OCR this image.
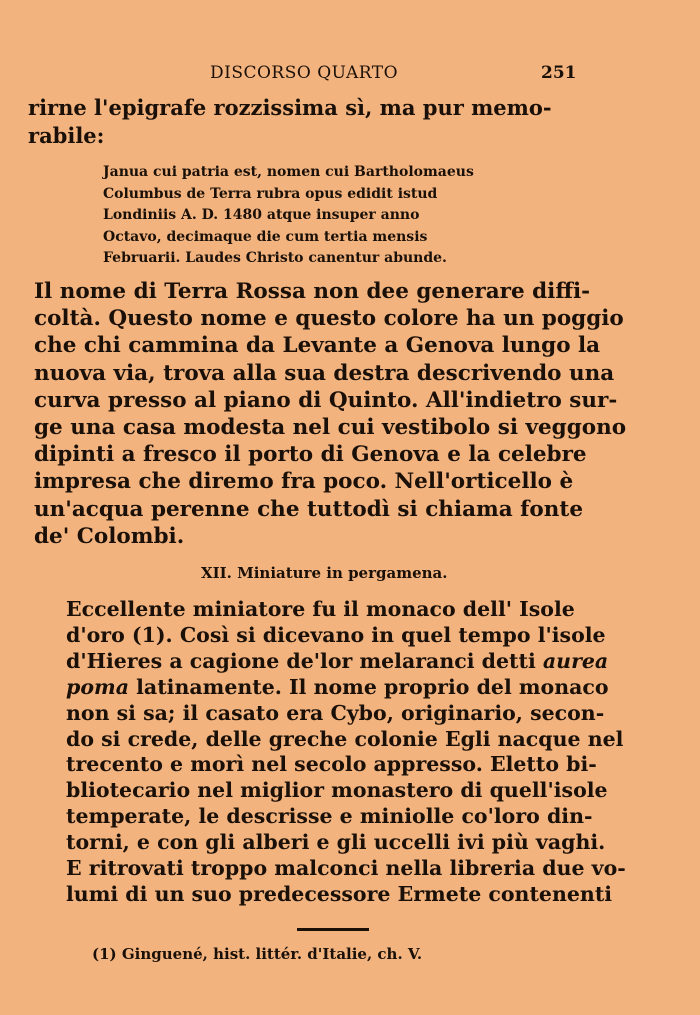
DISCORSO QUARTO	251

rirne l'epigrafe rozzissima sì, ma pur memo-
rabile:

Janua cui patria est, nomen cui Bartholomaeus
Columbus de Terra rubra opus edidit istud
Londiniis A. D. 1480 atque insuper anno
Octavo, decimaque die cum tertia mensis
Februarii. Laudes Christo canentur abunde.

Il nome di Terra Rossa non dee generare diffi-
coltà. Questo nome e questo colore ha un poggio
che chi cammina da Levante a Genova lungo la
nuova via, trova alla sua destra descrivendo una
curva presso al piano di Quinto. All'indietro sur-
ge una casa modesta nel cui vestibolo si veggono
dipinti a fresco il porto di Genova e la celebre
impresa che diremo fra poco. Nell'orticello è
un'acqua perenne che tuttodì si chiama fonte
de' Colombi.

XII. Miniature in pergamena.

Eccellente miniatore fu il monaco dell' Isole
d'oro (1). Così si dicevano in quel tempo l'isole
d'Hieres a cagione de'lor melaranci detti aurea
poma latinamente. Il nome proprio del monaco
non si sa; il casato era Cybo, originario, secon-
do si crede, delle greche colonie Egli nacque nel
trecento e morì nel secolo appresso. Eletto bi-
bliotecario nel miglior monastero di quell'isole
temperate, le descrisse e miniolle co'loro din-
torni, e con gli alberi e gli uccelli ivi più vaghi.
E ritrovati troppo malconci nella libreria due vo-
lumi di un suo predecessore Ermete contenenti

(1) Ginguené, hist. littér. d'Italie, ch. V.
